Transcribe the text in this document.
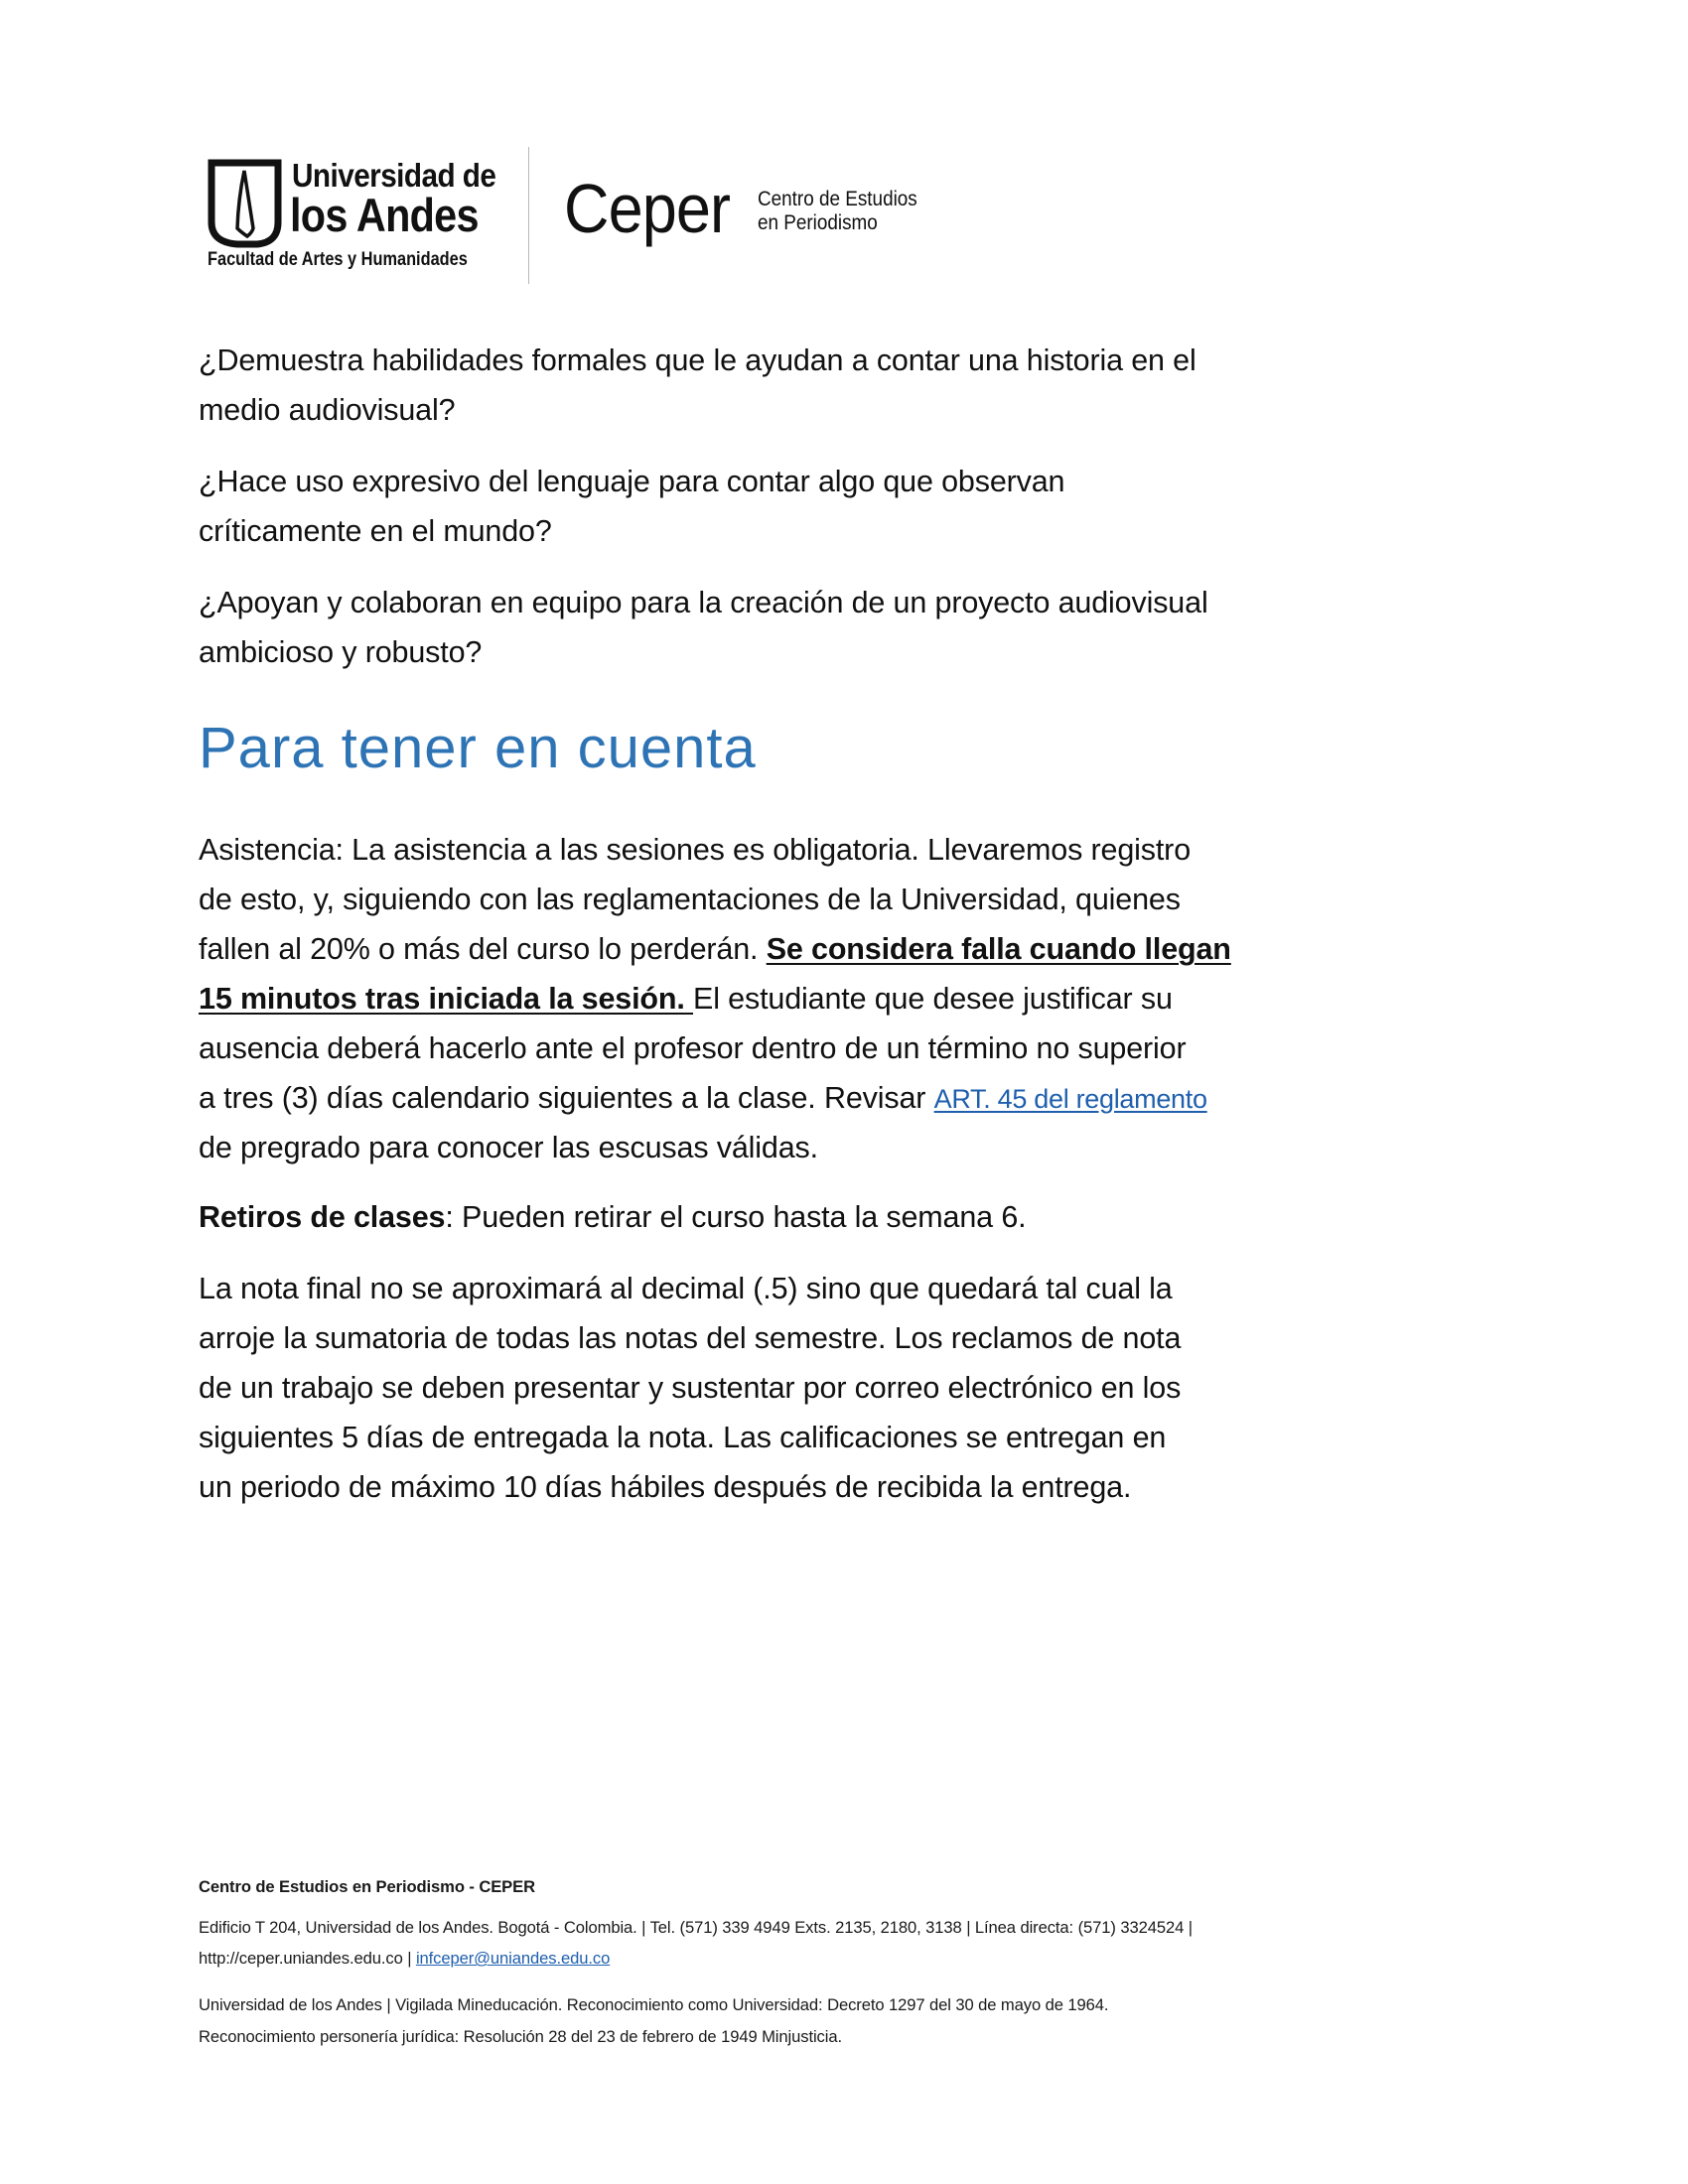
Universidad de
los Andes
Facultad de Artes y Humanidades
Ceper Centro de Estudios
en Periodismo
¿Demuestra habilidades formales que le ayudan a contar una historia en el
medio audiovisual?
¿Hace uso expresivo del lenguaje para contar algo que observan
críticamente en el mundo?
¿Apoyan y colaboran en equipo para la creación de un proyecto audiovisual
ambicioso y robusto?
Para tener en cuenta
Asistencia: La asistencia a las sesiones es obligatoria. Llevaremos registro
de esto, y, siguiendo con las reglamentaciones de la Universidad, quienes
fallen al 20% o más del curso lo perderán. Se considera falla cuando llegan
15 minutos tras iniciada la sesión. El estudiante que desee justificar su
ausencia deberá hacerlo ante el profesor dentro de un término no superior
a tres (3) días calendario siguientes a la clase. Revisar ART. 45 del reglamento
de pregrado para conocer las escusas válidas.
Retiros de clases: Pueden retirar el curso hasta la semana 6.
La nota final no se aproximará al decimal (.5) sino que quedará tal cual la
arroje la sumatoria de todas las notas del semestre. Los reclamos de nota
de un trabajo se deben presentar y sustentar por correo electrónico en los
siguientes 5 días de entregada la nota. Las calificaciones se entregan en
un periodo de máximo 10 días hábiles después de recibida la entrega.
Centro de Estudios en Periodismo - CEPER
Edificio T 204, Universidad de los Andes. Bogotá - Colombia. | Tel. (571) 339 4949 Exts. 2135, 2180, 3138 | Línea directa: (571) 3324524 |
http://ceper.uniandes.edu.co | infceper@uniandes.edu.co
Universidad de los Andes | Vigilada Mineducación. Reconocimiento como Universidad: Decreto 1297 del 30 de mayo de 1964.
Reconocimiento personería jurídica: Resolución 28 del 23 de febrero de 1949 Minjusticia.
